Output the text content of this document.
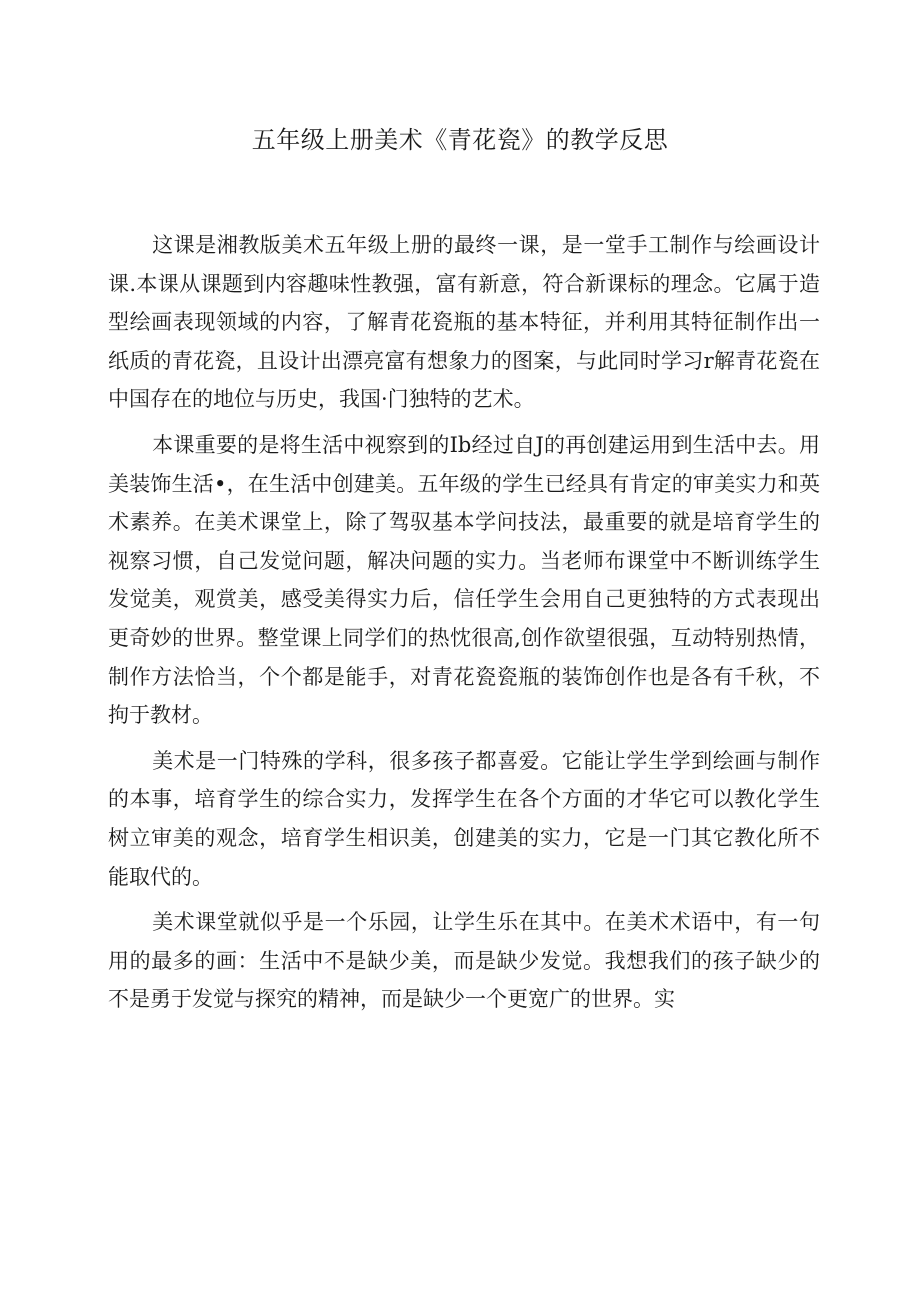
五年级上册美术《青花瓷》的教学反思

这课是湘教版美术五年级上册的最终一课，是一堂手工制作与绘画设计课.本课从课题到内容趣味性教强，富有新意，符合新课标的理念。它属于造型绘画表现领域的内容，了解青花瓷瓶的基本特征，并利用其特征制作出一纸质的青花瓷，且设计出漂亮富有想象力的图案，与此同时学习r解青花瓷在中国存在的地位与历史，我国·门独特的艺术。

本课重要的是将生活中视察到的Ib经过自J的再创建运用到生活中去。用美装饰生活•，在生活中创建美。五年级的学生已经具有肯定的审美实力和英术素养。在美术课堂上，除了驾驭基本学问技法，最重要的就是培育学生的视察习惯，自己发觉问题，解决问题的实力。当老师布课堂中不断训练学生发觉美，观赏美，感受美得实力后，信任学生会用自己更独特的方式表现出更奇妙的世界。整堂课上同学们的热忱很高,创作欲望很强，互动特别热情，制作方法恰当，个个都是能手，对青花瓷瓷瓶的装饰创作也是各有千秋，不拘于教材。

美术是一门特殊的学科，很多孩子都喜爱。它能让学生学到绘画与制作的本事，培育学生的综合实力，发挥学生在各个方面的才华它可以教化学生树立审美的观念，培育学生相识美，创建美的实力，它是一门其它教化所不能取代的。

美术课堂就似乎是一个乐园，让学生乐在其中。在美术术语中，有一句用的最多的画：生活中不是缺少美，而是缺少发觉。我想我们的孩子缺少的不是勇于发觉与探究的精神，而是缺少一个更宽广的世界。实
